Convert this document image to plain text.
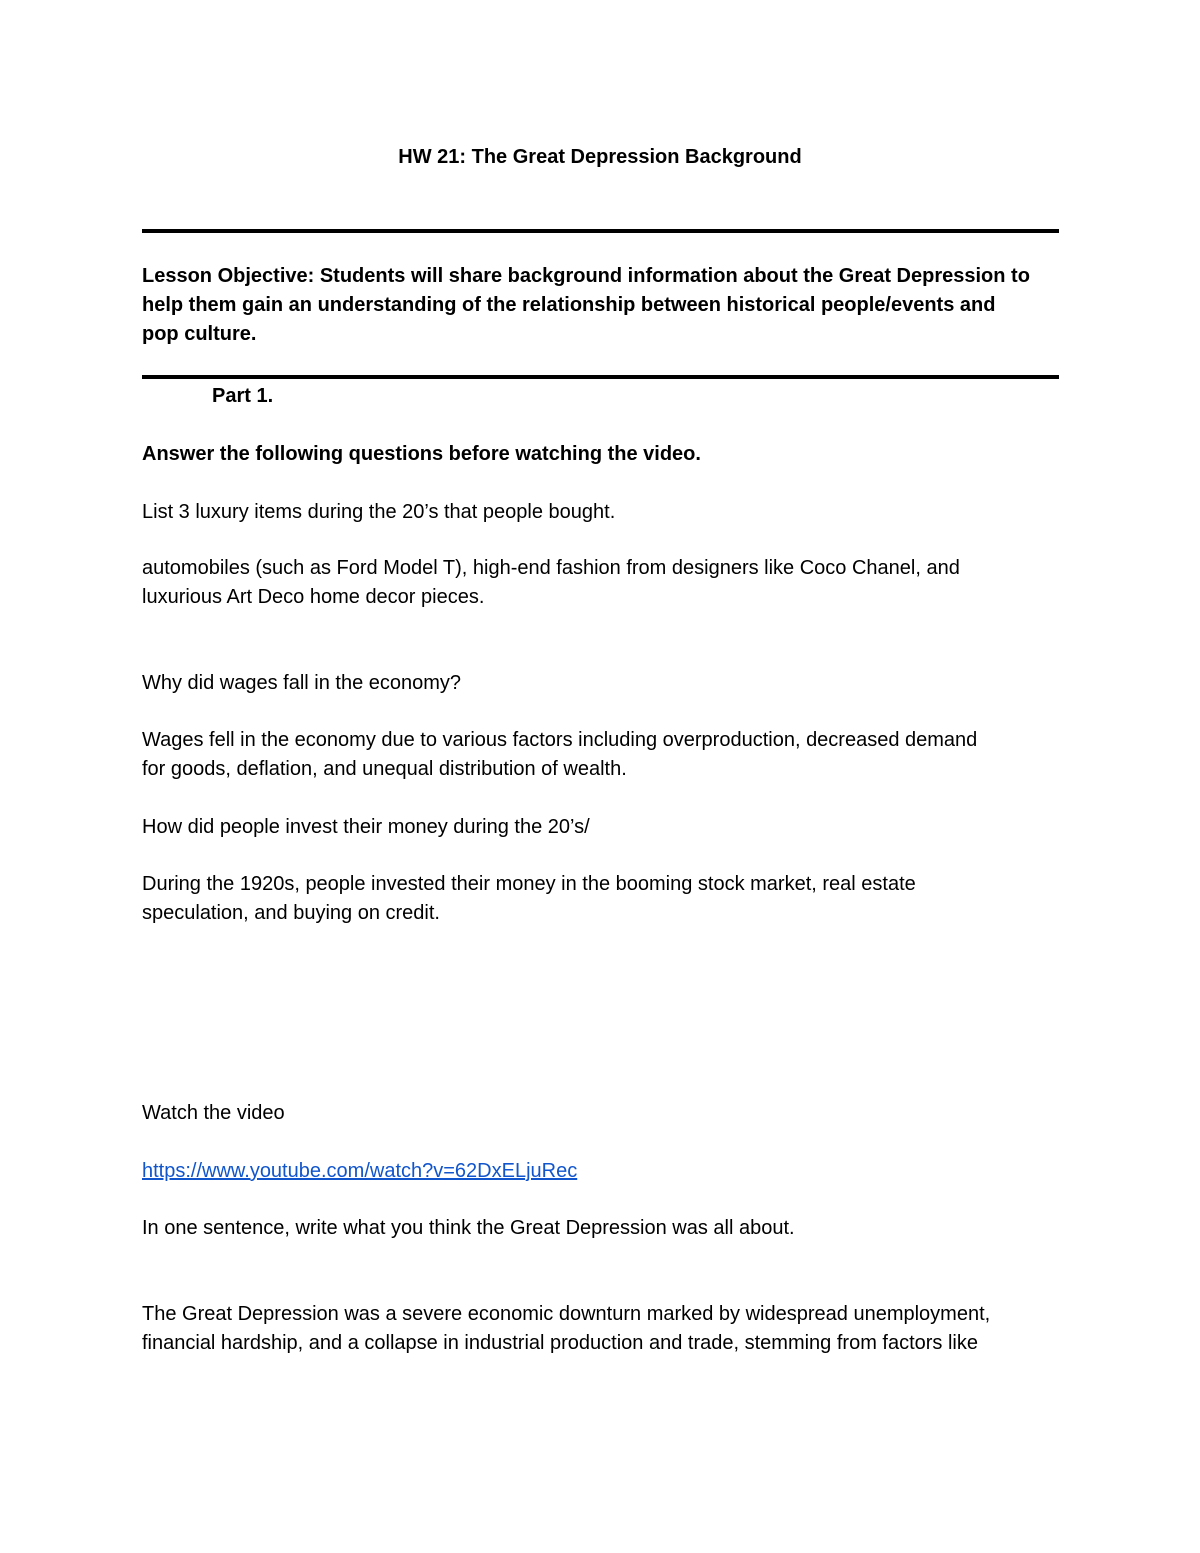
HW 21: The Great Depression Background
Lesson Objective: Students will share background information about the Great Depression to
help them gain an understanding of the relationship between historical people/events and
pop culture.
Part 1.
Answer the following questions before watching the video.
List 3 luxury items during the 20’s that people bought.
automobiles (such as Ford Model T), high-end fashion from designers like Coco Chanel, and
luxurious Art Deco home decor pieces.
Why did wages fall in the economy?
Wages fell in the economy due to various factors including overproduction, decreased demand
for goods, deflation, and unequal distribution of wealth.
How did people invest their money during the 20’s/
During the 1920s, people invested their money in the booming stock market, real estate
speculation, and buying on credit.
Watch the video
https://www.youtube.com/watch?v=62DxELjuRec
In one sentence, write what you think the Great Depression was all about.
The Great Depression was a severe economic downturn marked by widespread unemployment,
financial hardship, and a collapse in industrial production and trade, stemming from factors like
